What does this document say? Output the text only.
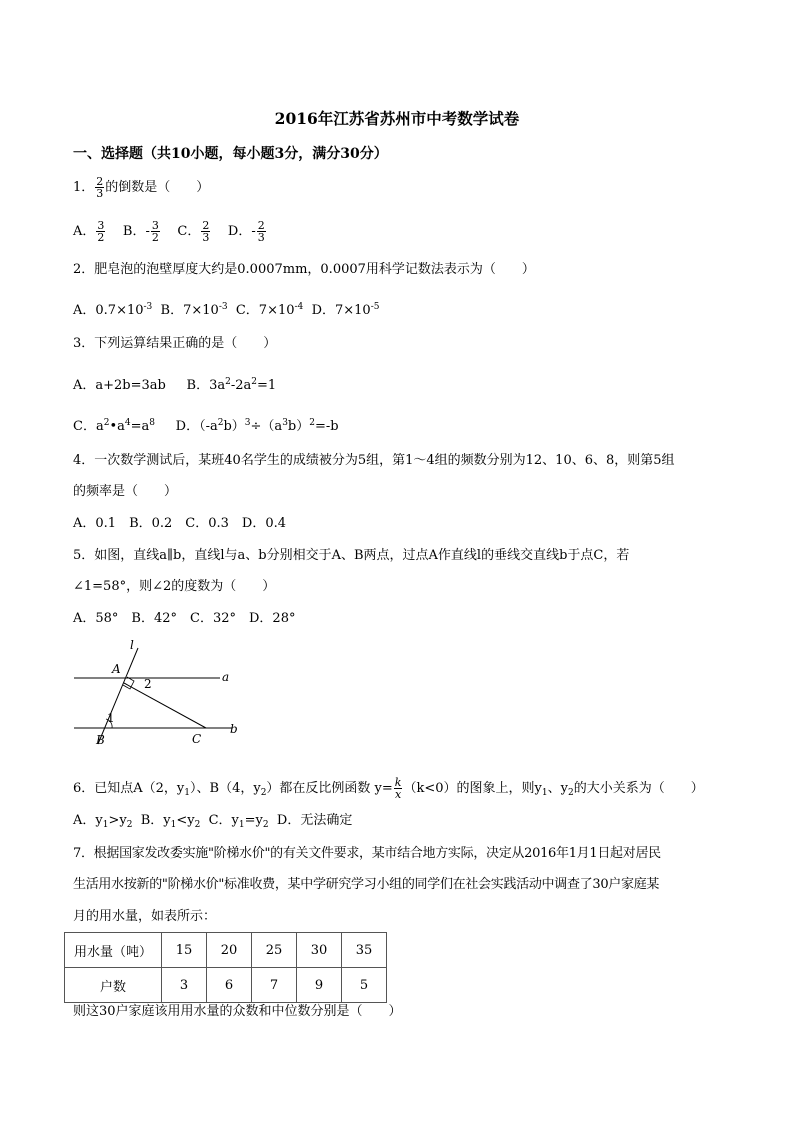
2016年江苏省苏州市中考数学试卷
一、选择题（共10小题，每小题3分，满分30分）
1． $\frac{2}{3}$ 的倒数是（　　）
A． $\frac{3}{2}$ B．- $\frac{3}{2}$ C． $\frac{2}{3}$ D．- $\frac{2}{3}$
2．肥皂泡的泡壁厚度大约是0.0007mm，0.0007用科学记数法表示为（　　）
A．$0.7\times 10^{-3}$ B．$7\times 10^{-3}$ C．$7\times 10^{-4}$ D．$7\times 10^{-5}$
3．下列运算结果正确的是（　　）
A．a+2b=3ab B．$3a^2-2a^2=1$
C．$a^2•a^4=a^8$ D．$(-a^2b)^3\div(a^3b)^2=-b$
4．一次数学测试后，某班40名学生的成绩被分为5组，第1～4组的频数分别为12、10、6、8，则第5组
的频率是（　　）
A．0.1　B．0.2　C．0.3　D．0.4
5．如图，直线a∥b，直线l与a、b分别相交于A、B两点，过点A作直线l的垂线交直线b于点C，若
∠1=58°，则∠2的度数为（　　）
A．58°　B．42°　C．32°　D．28°
l
A
a
2
1
B	C
b
6．已知点A（2，$y_1$）、B（4，$y_2$）都在反比例函数 $y= \frac{k}{x} (k<0)$的图象上，则$y_1$、$y_2$的大小关系为（　　）
A．$y_1>y_2$ B．$y_1<y_2$ C．$y_1=y_2$ D．无法确定
7．根据国家发改委实施"阶梯水价"的有关文件要求，某市结合地方实际，决定从2016年1月1日起对居民
生活用水按新的"阶梯水价"标准收费，某中学研究学习小组的同学们在社会实践活动中调查了30户家庭某
月的用水量，如表所示：
用水量（吨）	15	20	25	30	35
户数	3	6	7	9	5
则这30户家庭该用用水量的众数和中位数分别是（　　）
